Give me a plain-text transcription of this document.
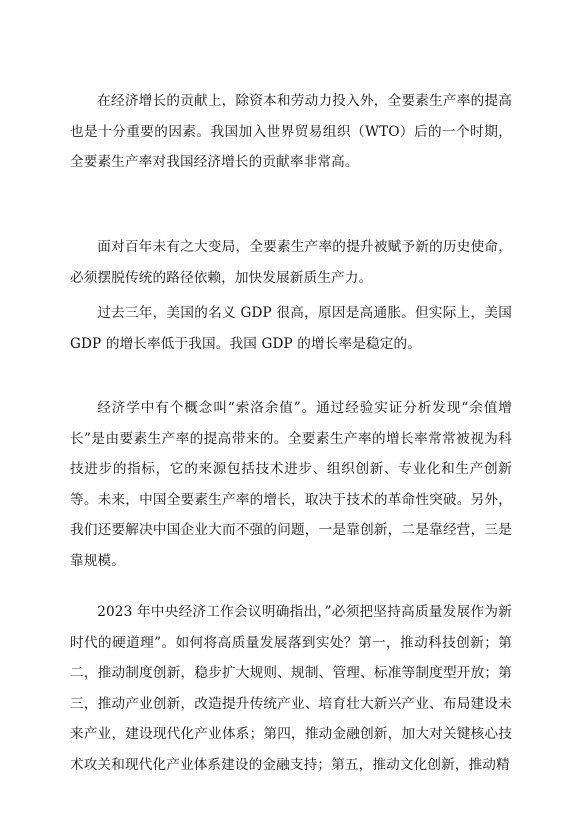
在经济增长的贡献上，除资本和劳动力投入外，全要素生产率的提高也是十分重要的因素。我国加入世界贸易组织（WTO）后的一个时期，全要素生产率对我国经济增长的贡献率非常高。

面对百年未有之大变局，全要素生产率的提升被赋予新的历史使命，必须摆脱传统的路径依赖，加快发展新质生产力。

过去三年，美国的名义 GDP 很高，原因是高通胀。但实际上，美国 GDP 的增长率低于我国。我国 GDP 的增长率是稳定的。

经济学中有个概念叫“索洛余值”。通过经验实证分析发现“余值增长”是由要素生产率的提高带来的。全要素生产率的增长率常常被视为科技进步的指标，它的来源包括技术进步、组织创新、专业化和生产创新等。未来，中国全要素生产率的增长，取决于技术的革命性突破。另外，我们还要解决中国企业大而不强的问题，一是靠创新，二是靠经营，三是靠规模。

2023 年中央经济工作会议明确指出，”必须把坚持高质量发展作为新时代的硬道理”。如何将高质量发展落到实处？第一，推动科技创新；第二，推动制度创新，稳步扩大规则、规制、管理、标准等制度型开放；第三，推动产业创新，改造提升传统产业、培育壮大新兴产业、布局建设未来产业，建设现代化产业体系；第四，推动金融创新，加大对关键核心技术攻关和现代化产业体系建设的金融支持；第五，推动文化创新，推动精
